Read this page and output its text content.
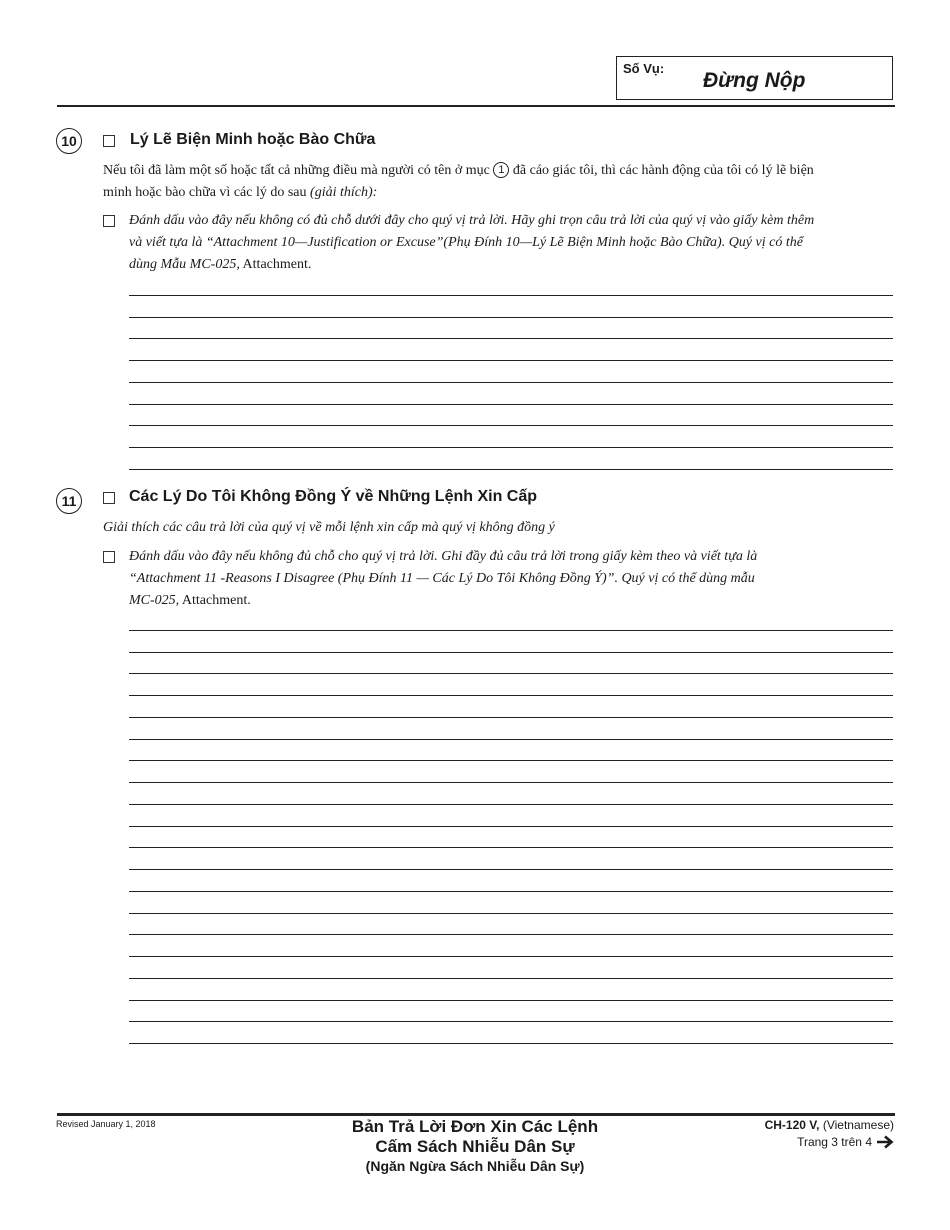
Số Vụ:
Đừng Nộp
10	Lý Lẽ Biện Minh hoặc Bào Chữa
Nếu tôi đã làm một số hoặc tất cả những điều mà người có tên ở mục 1 đã cáo giác tôi, thì các hành động của tôi có lý lẽ biện
minh hoặc bào chữa vì các lý do sau (giải thích):
Đánh dấu vào đây nếu không có đủ chỗ dưới đây cho quý vị trả lời. Hãy ghi trọn câu trả lời của quý vị vào giấy kèm thêm
và viết tựa là “Attachment 10—Justification or Excuse”(Phụ Đính 10—Lý Lẽ Biện Minh hoặc Bào Chữa). Quý vị có thể
dùng Mẫu MC-025, Attachment.
11	Các Lý Do Tôi Không Đồng Ý về Những Lệnh Xin Cấp
Giải thích các câu trả lời của quý vị về mỗi lệnh xin cấp mà quý vị không đồng ý
Đánh dấu vào đây nếu không đủ chỗ cho quý vị trả lời. Ghi đầy đủ câu trả lời trong giấy kèm theo và viết tựa là
“Attachment 11 -Reasons I Disagree (Phụ Đính 11 — Các Lý Do Tôi Không Đồng Ý)”. Quý vị có thể dùng mẫu
MC-025, Attachment.
Revised January 1, 2018	Bản Trả Lời Đơn Xin Các Lệnh
Cấm Sách Nhiễu Dân Sự
(Ngăn Ngừa Sách Nhiễu Dân Sự)
CH-120 V, (Vietnamese)
Trang 3 trên 4
